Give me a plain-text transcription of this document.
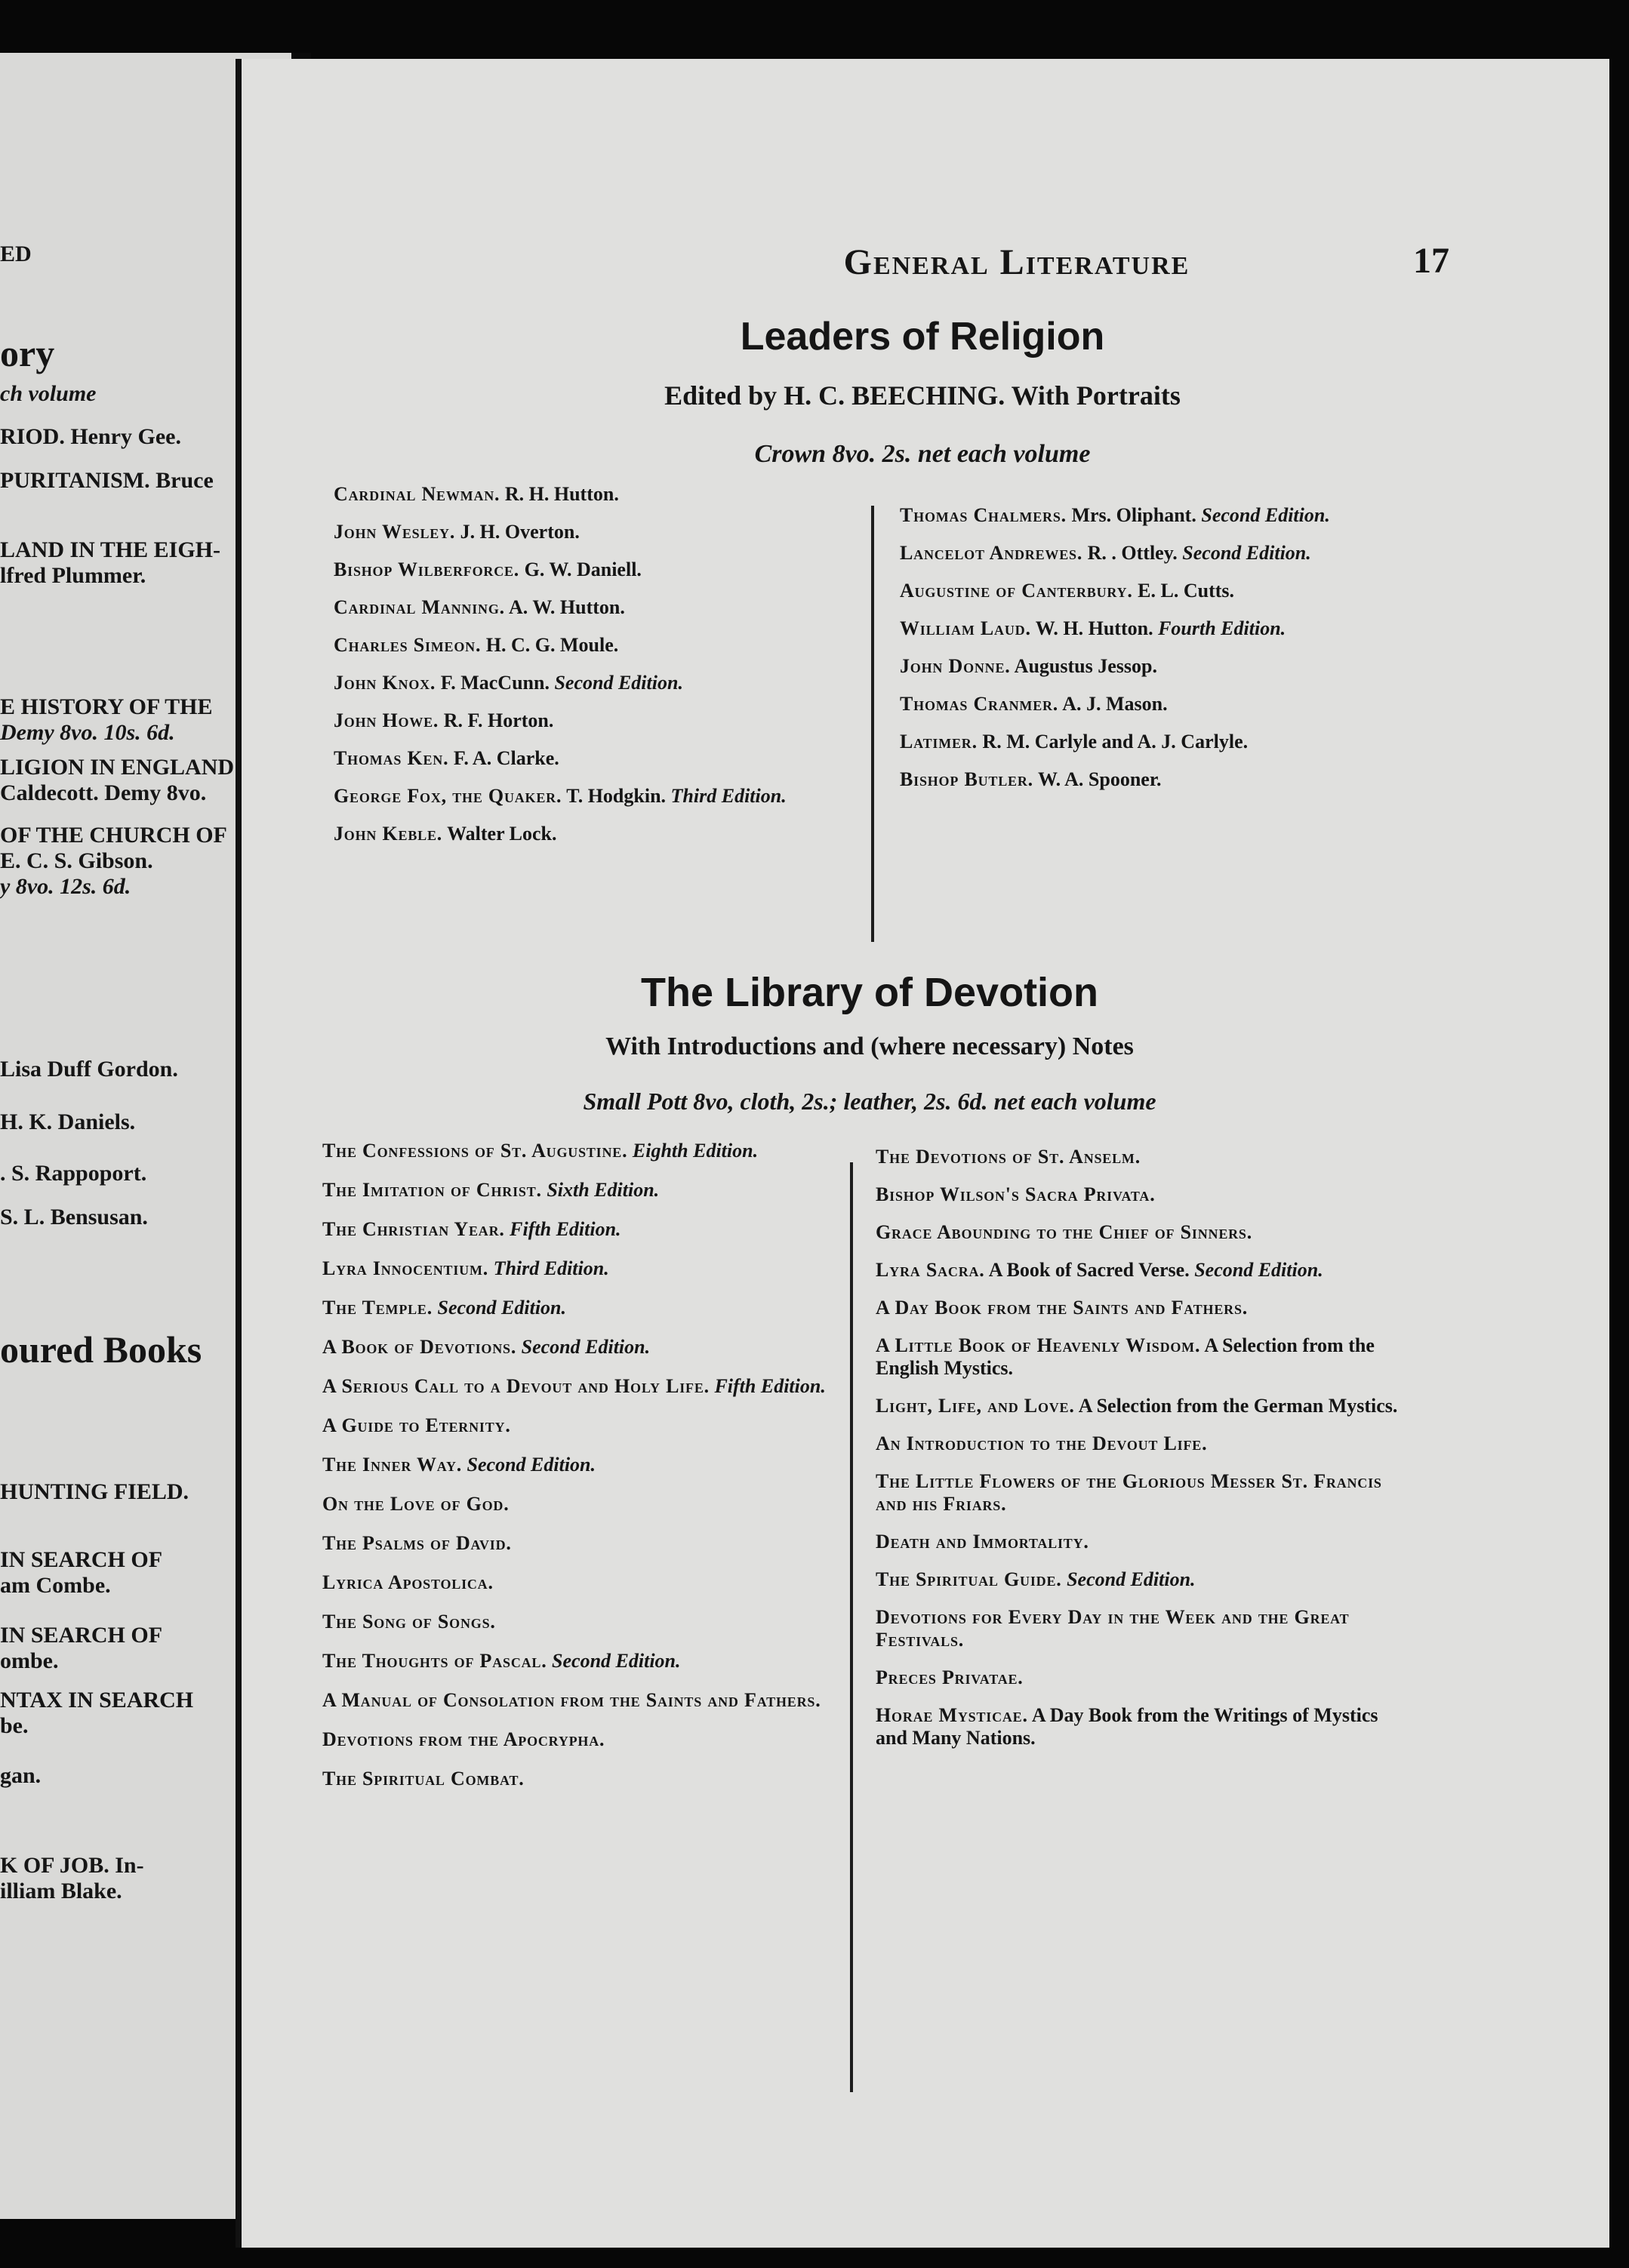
ED
ory
ch volume
RIOD. Henry Gee.
PURITANISM. Bruce
LAND IN THE EIGH-
lfred Plummer.
E HISTORY OF THE
Demy 8vo. 10s. 6d.
LIGION IN ENGLAND
Caldecott. Demy 8vo.
OF THE CHURCH OF
E. C. S. Gibson.
y 8vo. 12s. 6d.
Lisa Duff Gordon.
H. K. Daniels.
. S. Rappoport.
S. L. Bensusan.
oured Books
HUNTING FIELD.
IN SEARCH OF
am Combe.
IN SEARCH OF
ombe.
NTAX IN SEARCH
be.
gan.
K OF JOB. In-
illiam Blake.
General Literature	17
Leaders of Religion
Edited by H. C. BEECHING. With Portraits
Crown 8vo. 2s. net each volume
Cardinal Newman. R. H. Hutton.
John Wesley. J. H. Overton.
Bishop Wilberforce. G. W. Daniell.
Cardinal Manning. A. W. Hutton.
Charles Simeon. H. C. G. Moule.
John Knox. F. MacCunn. Second Edition.
John Howe. R. F. Horton.
Thomas Ken. F. A. Clarke.
George Fox, the Quaker. T. Hodgkin. Third Edition.
John Keble. Walter Lock.
Thomas Chalmers. Mrs. Oliphant. Second Edition.
Lancelot Andrewes. R. . Ottley. Second Edition.
Augustine of Canterbury. E. L. Cutts.
William Laud. W. H. Hutton. Fourth Edition.
John Donne. Augustus Jessop.
Thomas Cranmer. A. J. Mason.
Latimer. R. M. Carlyle and A. J. Carlyle.
Bishop Butler. W. A. Spooner.
The Library of Devotion
With Introductions and (where necessary) Notes
Small Pott 8vo, cloth, 2s.; leather, 2s. 6d. net each volume
The Confessions of St. Augustine. Eighth Edition.
The Imitation of Christ. Sixth Edition.
The Christian Year. Fifth Edition.
Lyra Innocentium. Third Edition.
The Temple. Second Edition.
A Book of Devotions. Second Edition.
A Serious Call to a Devout and Holy Life. Fifth Edition.
A Guide to Eternity.
The Inner Way. Second Edition.
On the Love of God.
The Psalms of David.
Lyrica Apostolica.
The Song of Songs.
The Thoughts of Pascal. Second Edition.
A Manual of Consolation from the Saints and Fathers.
Devotions from the Apocrypha.
The Spiritual Combat.
The Devotions of St. Anselm.
Bishop Wilson's Sacra Privata.
Grace Abounding to the Chief of Sinners.
Lyra Sacra. A Book of Sacred Verse. Second Edition.
A Day Book from the Saints and Fathers.
A Little Book of Heavenly Wisdom. A Selection from the English Mystics.
Light, Life, and Love. A Selection from the German Mystics.
An Introduction to the Devout Life.
The Little Flowers of the Glorious Messer St. Francis and his Friars.
Death and Immortality.
The Spiritual Guide. Second Edition.
Devotions for Every Day in the Week and the Great Festivals.
Preces Privatae.
Horae Mysticae. A Day Book from the Writings of Mystics and Many Nations.
